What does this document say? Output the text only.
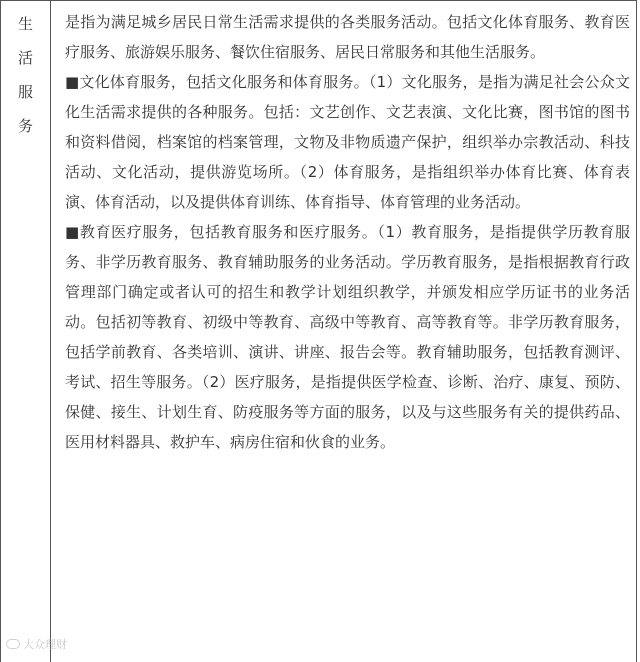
生
活
服
务

是指为满足城乡居民日常生活需求提供的各类服务活动。包括文化体育服务、教育医疗服务、旅游娱乐服务、餐饮住宿服务、居民日常服务和其他生活服务。

■文化体育服务，包括文化服务和体育服务。（1）文化服务，是指为满足社会公众文化生活需求提供的各种服务。包括：文艺创作、文艺表演、文化比赛，图书馆的图书和资料借阅，档案馆的档案管理，文物及非物质遗产保护，组织举办宗教活动、科技活动、文化活动，提供游览场所。（2）体育服务，是指组织举办体育比赛、体育表演、体育活动，以及提供体育训练、体育指导、体育管理的业务活动。

■教育医疗服务，包括教育服务和医疗服务。（1）教育服务，是指提供学历教育服务、非学历教育服务、教育辅助服务的业务活动。学历教育服务，是指根据教育行政管理部门确定或者认可的招生和教学计划组织教学，并颁发相应学历证书的业务活动。包括初等教育、初级中等教育、高级中等教育、高等教育等。非学历教育服务，包括学前教育、各类培训、演讲、讲座、报告会等。教育辅助服务，包括教育测评、考试、招生等服务。（2）医疗服务，是指提供医学检查、诊断、治疗、康复、预防、保健、接生、计划生育、防疫服务等方面的服务，以及与这些服务有关的提供药品、医用材料器具、救护车、病房住宿和伙食的业务。

大众理财
